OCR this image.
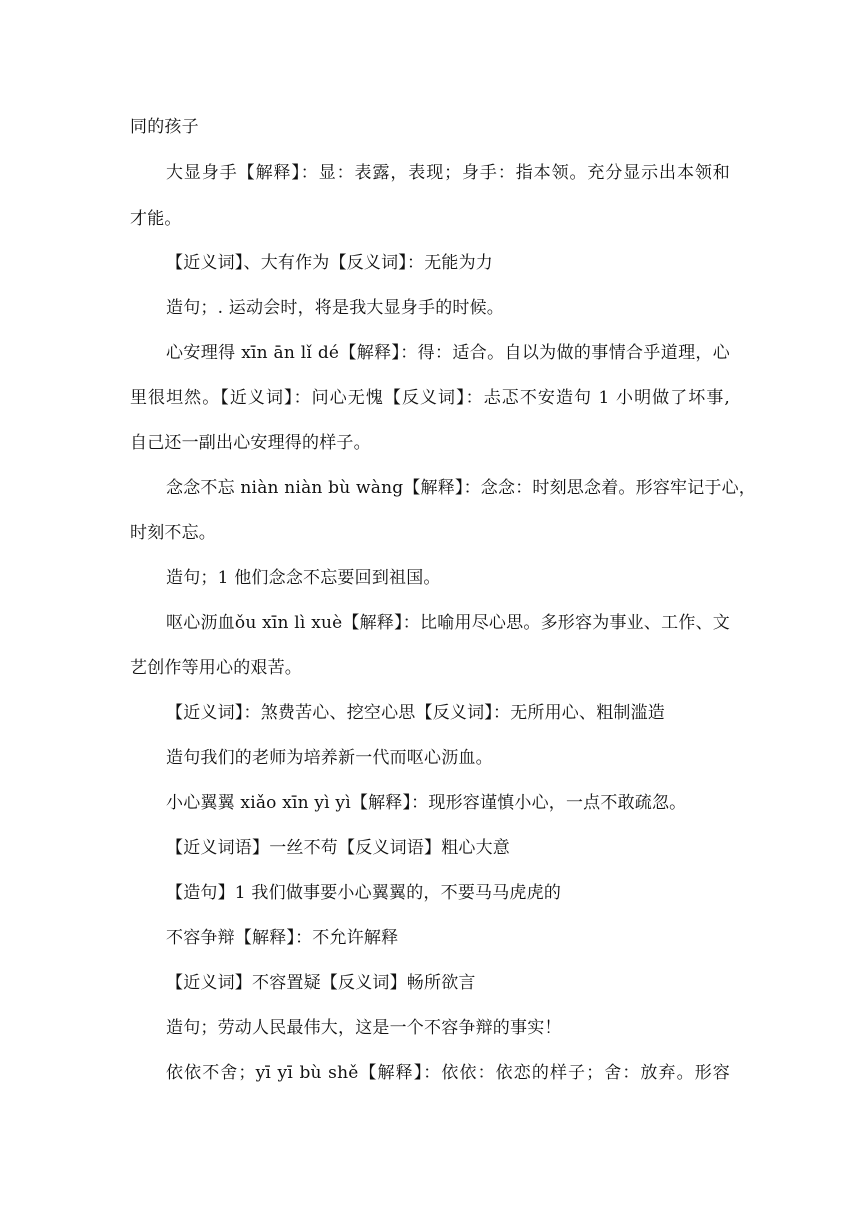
同的孩子
大显身手【解释】：显：表露，表现；身手：指本领。充分显示出本领和
才能。
【近义词】、大有作为【反义词】：无能为力
造句；. 运动会时，将是我大显身手的时候。
心安理得 xīn ān lǐ dé【解释】：得：适合。自以为做的事情合乎道理，心
里很坦然。【近义词】：问心无愧【反义词】：忐忑不安造句 1 小明做了坏事,
自己还一副出心安理得的样子。
念念不忘 niàn niàn bù wàng【解释】：念念：时刻思念着。形容牢记于心，
时刻不忘。
造句；1 他们念念不忘要回到祖国。
呕心沥血ǒu xīn lì xuè【解释】：比喻用尽心思。多形容为事业、工作、文
艺创作等用心的艰苦。
【近义词】：煞费苦心、挖空心思【反义词】：无所用心、粗制滥造
造句我们的老师为培养新一代而呕心沥血。
小心翼翼 xiǎo xīn yì yì【解释】：现形容谨慎小心，一点不敢疏忽。
【近义词语】一丝不苟【反义词语】粗心大意
【造句】1 我们做事要小心翼翼的，不要马马虎虎的
不容争辩【解释】：不允许解释
【近义词】不容置疑【反义词】畅所欲言
造句；劳动人民最伟大，这是一个不容争辩的事实！
依依不舍；yī yī bù shě【解释】：依依：依恋的样子；舍：放弃。形容
